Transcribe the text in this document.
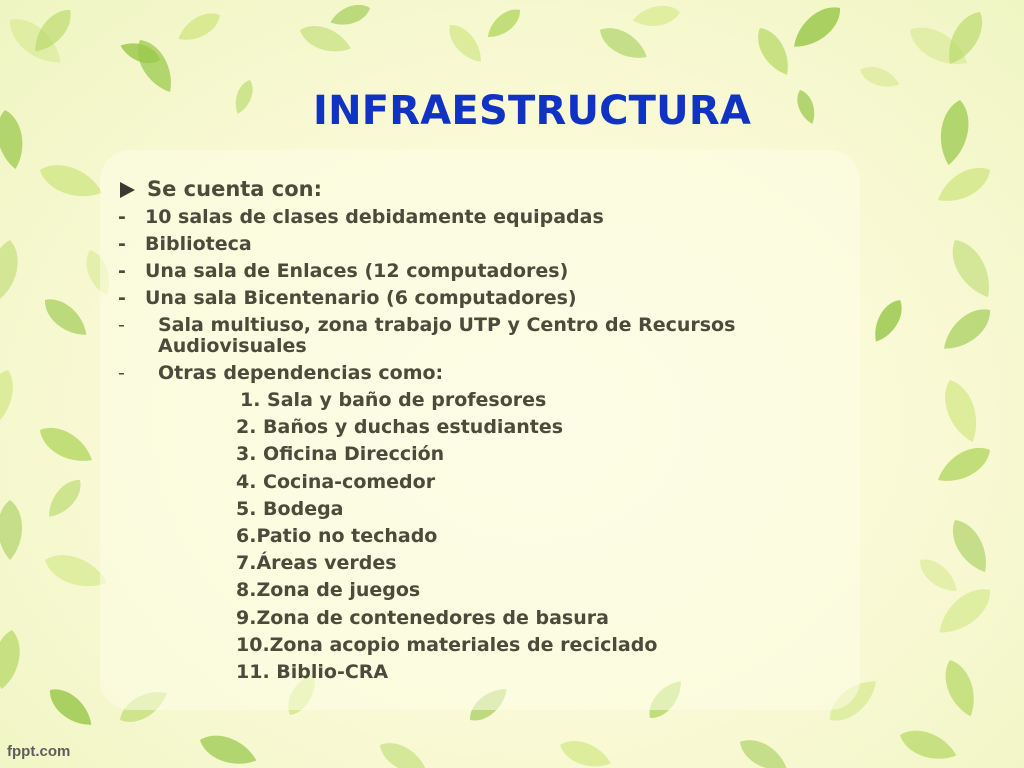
INFRAESTRUCTURA
Se cuenta con:
-	10 salas de clases debidamente equipadas
-	Biblioteca
-	Una sala de Enlaces (12 computadores)
-	Una sala Bicentenario (6 computadores)
-	Sala multiuso, zona trabajo UTP y Centro de Recursos Audiovisuales
-	Otras dependencias como:
1. Sala y baño de profesores
2. Baños y duchas estudiantes
3. Oficina Dirección
4. Cocina-comedor
5. Bodega
6.Patio no techado
7.Áreas verdes
8.Zona de juegos
9.Zona de contenedores de basura
10.Zona acopio materiales de reciclado
11. Biblio-CRA
fppt.com
